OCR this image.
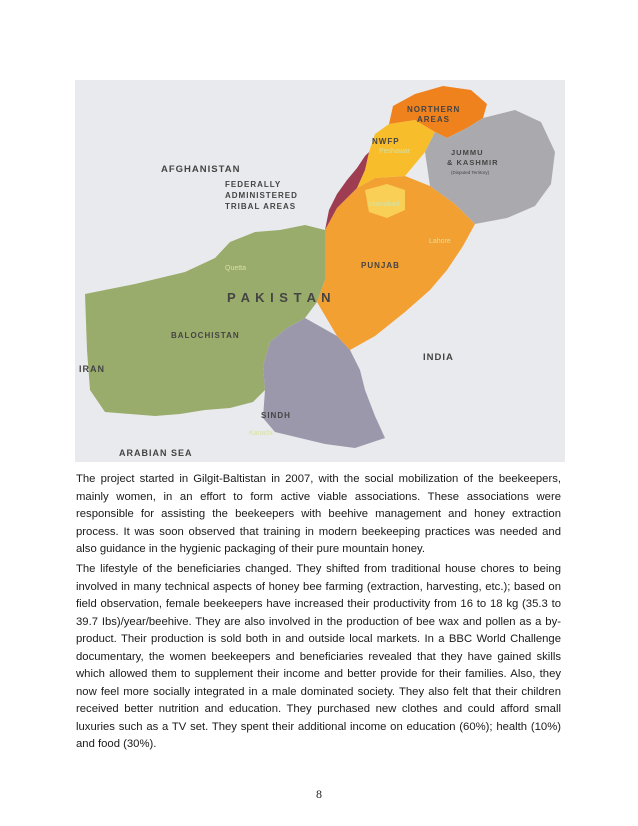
AFGHANISTAN
FEDERALLY
ADMINISTERED
TRIBAL AREAS
NORTHERN
AREAS
NWFP
JUMMU
& KASHMIR
(Disputed Territory)
PUNJAB
P A K I S T A N
BALOCHISTAN
IRAN
INDIA
SINDH
ARABIAN SEA
Peshawar
Islamabad
Lahore
Quetta
Karachi

The project started in Gilgit-Baltistan in 2007, with the social mobilization of the beekeepers, mainly women, in an effort to form active viable associations. These associations were responsible for assisting the beekeepers with beehive management and honey extraction process. It was soon observed that training in modern beekeeping practices was needed and also guidance in the hygienic packaging of their pure mountain honey.

The lifestyle of the beneficiaries changed. They shifted from traditional house chores to being involved in many technical aspects of honey bee farming (extraction, harvesting, etc.); based on field observation, female beekeepers have increased their productivity from 16 to 18 kg (35.3 to 39.7 Ibs)/year/beehive. They are also involved in the production of bee wax and pollen as a by-product. Their production is sold both in and outside local markets. In a BBC World Challenge documentary, the women beekeepers and beneficiaries revealed that they have gained skills which allowed them to supplement their income and better provide for their families. Also, they now feel more socially integrated in a male dominated society. They also felt that their children received better nutrition and education. They purchased new clothes and could afford small luxuries such as a TV set. They spent their additional income on education (60%); health (10%) and food (30%).

8
